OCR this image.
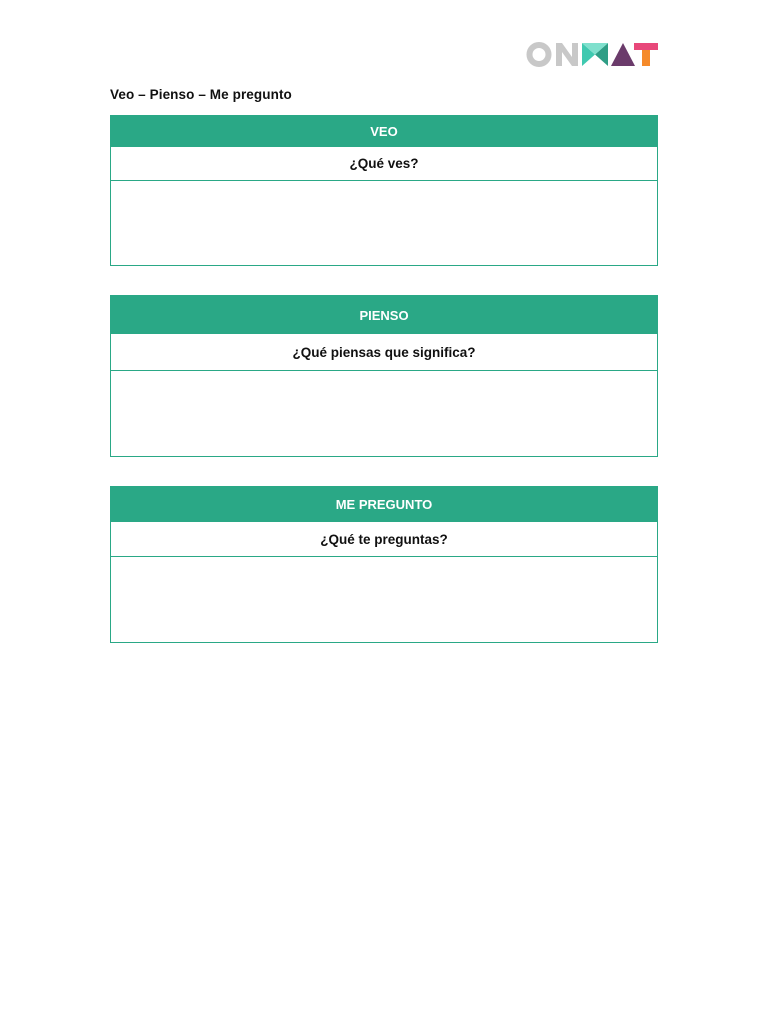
ONMAT
Veo – Pienso – Me pregunto
VEO
¿Qué ves?
PIENSO
¿Qué piensas que significa?
ME PREGUNTO
¿Qué te preguntas?
